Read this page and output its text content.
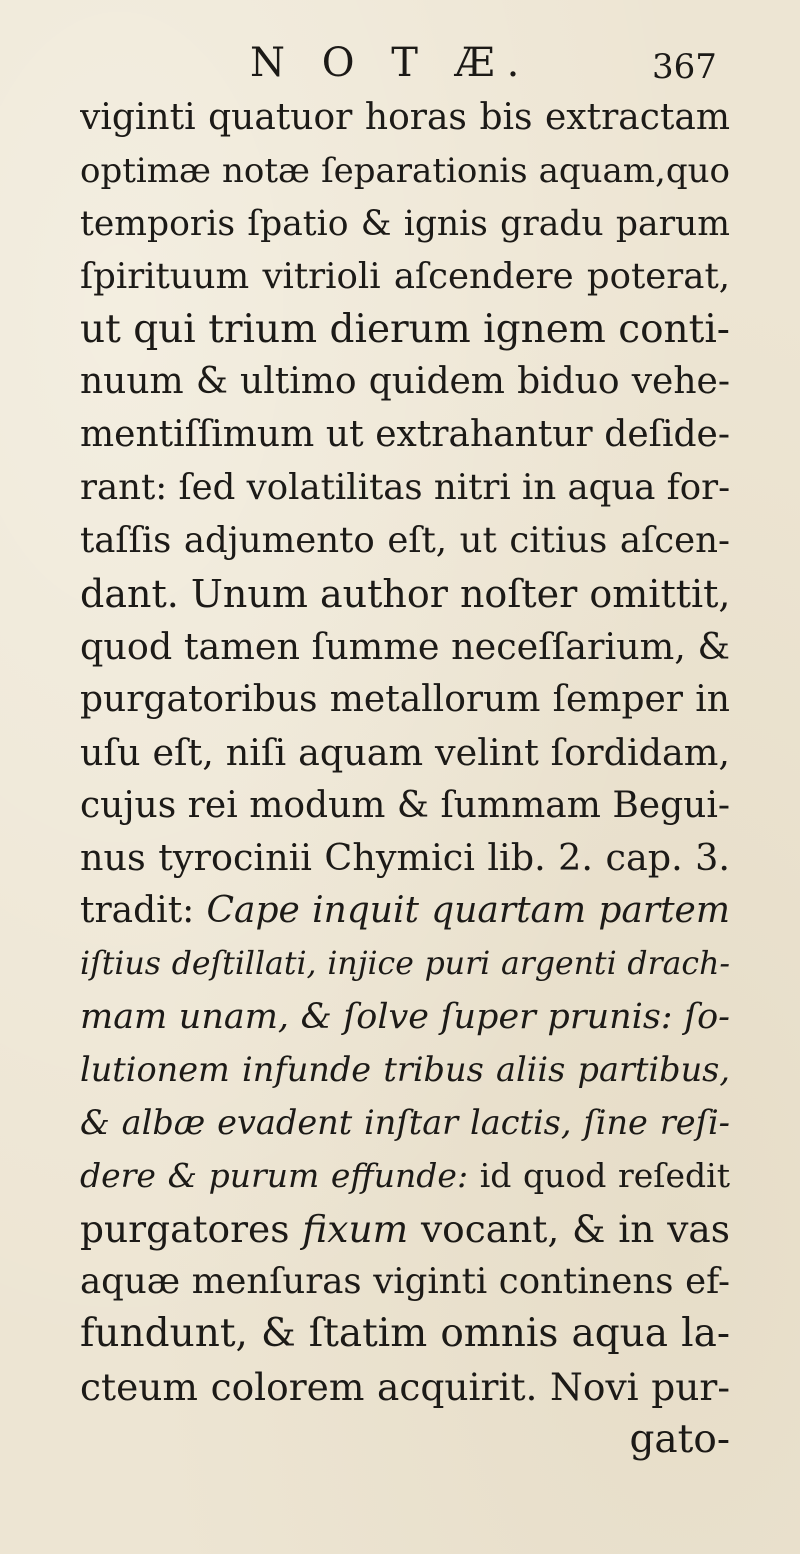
N O T Æ.	367
viginti quatuor horas bis extractam
optimæ notæ ſeparationis aquam,quo
temporis ſpatio & ignis gradu parum
ſpirituum vitrioli aſcendere poterat,
ut qui trium dierum ignem conti-
nuum & ultimo quidem biduo vehe-
mentiſſimum ut extrahantur deſide-
rant: ſed volatilitas nitri in aqua for-
taſſis adjumento eſt, ut citius aſcen-
dant. Unum author noſter omittit,
quod tamen ſumme neceſſarium, &
purgatoribus metallorum ſemper in
uſu eſt, niſi aquam velint ſordidam,
cujus rei modum & ſummam Begui-
nus tyrocinii Chymici lib. 2. cap. 3.
tradit: Cape inquit quartam partem
iſtius deſtillati, injice puri argenti drach-
mam unam, & ſolve ſuper prunis: ſo-
lutionem infunde tribus aliis partibus,
& albæ evadent inſtar lactis, ſine reſi-
dere & purum effunde: id quod reſedit
purgatores fixum vocant, & in vas
aquæ menſuras viginti continens ef-
fundunt, & ſtatim omnis aqua la-
cteum colorem acquirit. Novi pur-
gato-
